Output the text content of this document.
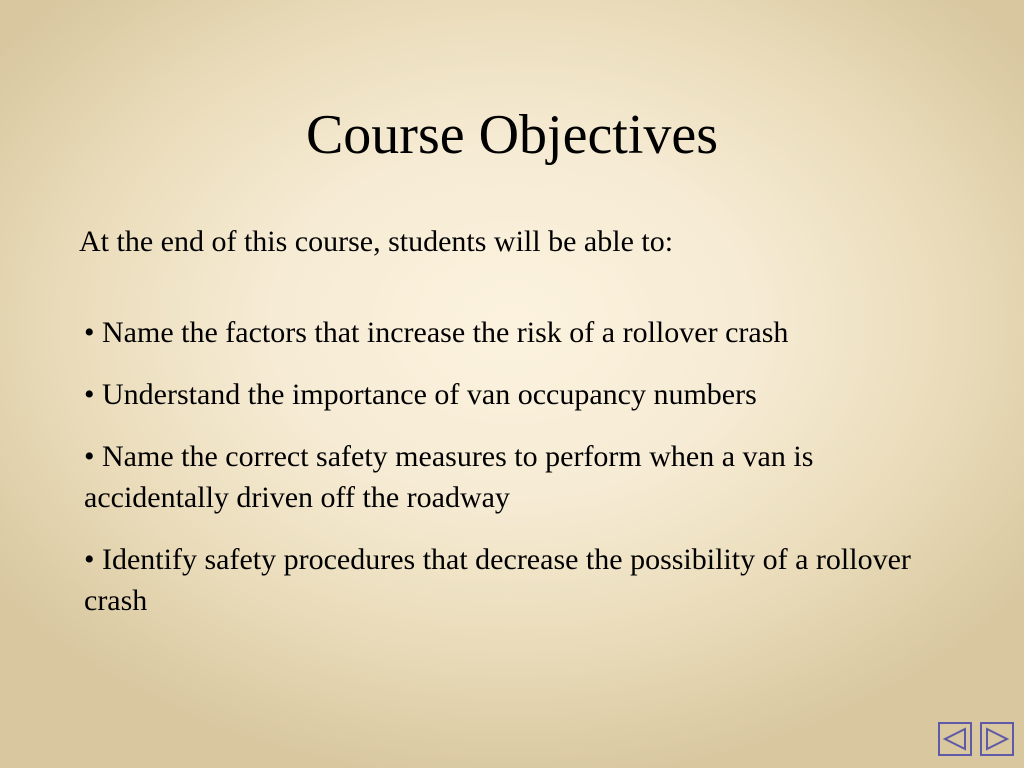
Course Objectives

At the end of this course, students will be able to:

• Name the factors that increase the risk of a rollover crash
• Understand the importance of van occupancy numbers
• Name the correct safety measures to perform when a van is accidentally driven off the roadway
• Identify safety procedures that decrease the possibility of a rollover crash
